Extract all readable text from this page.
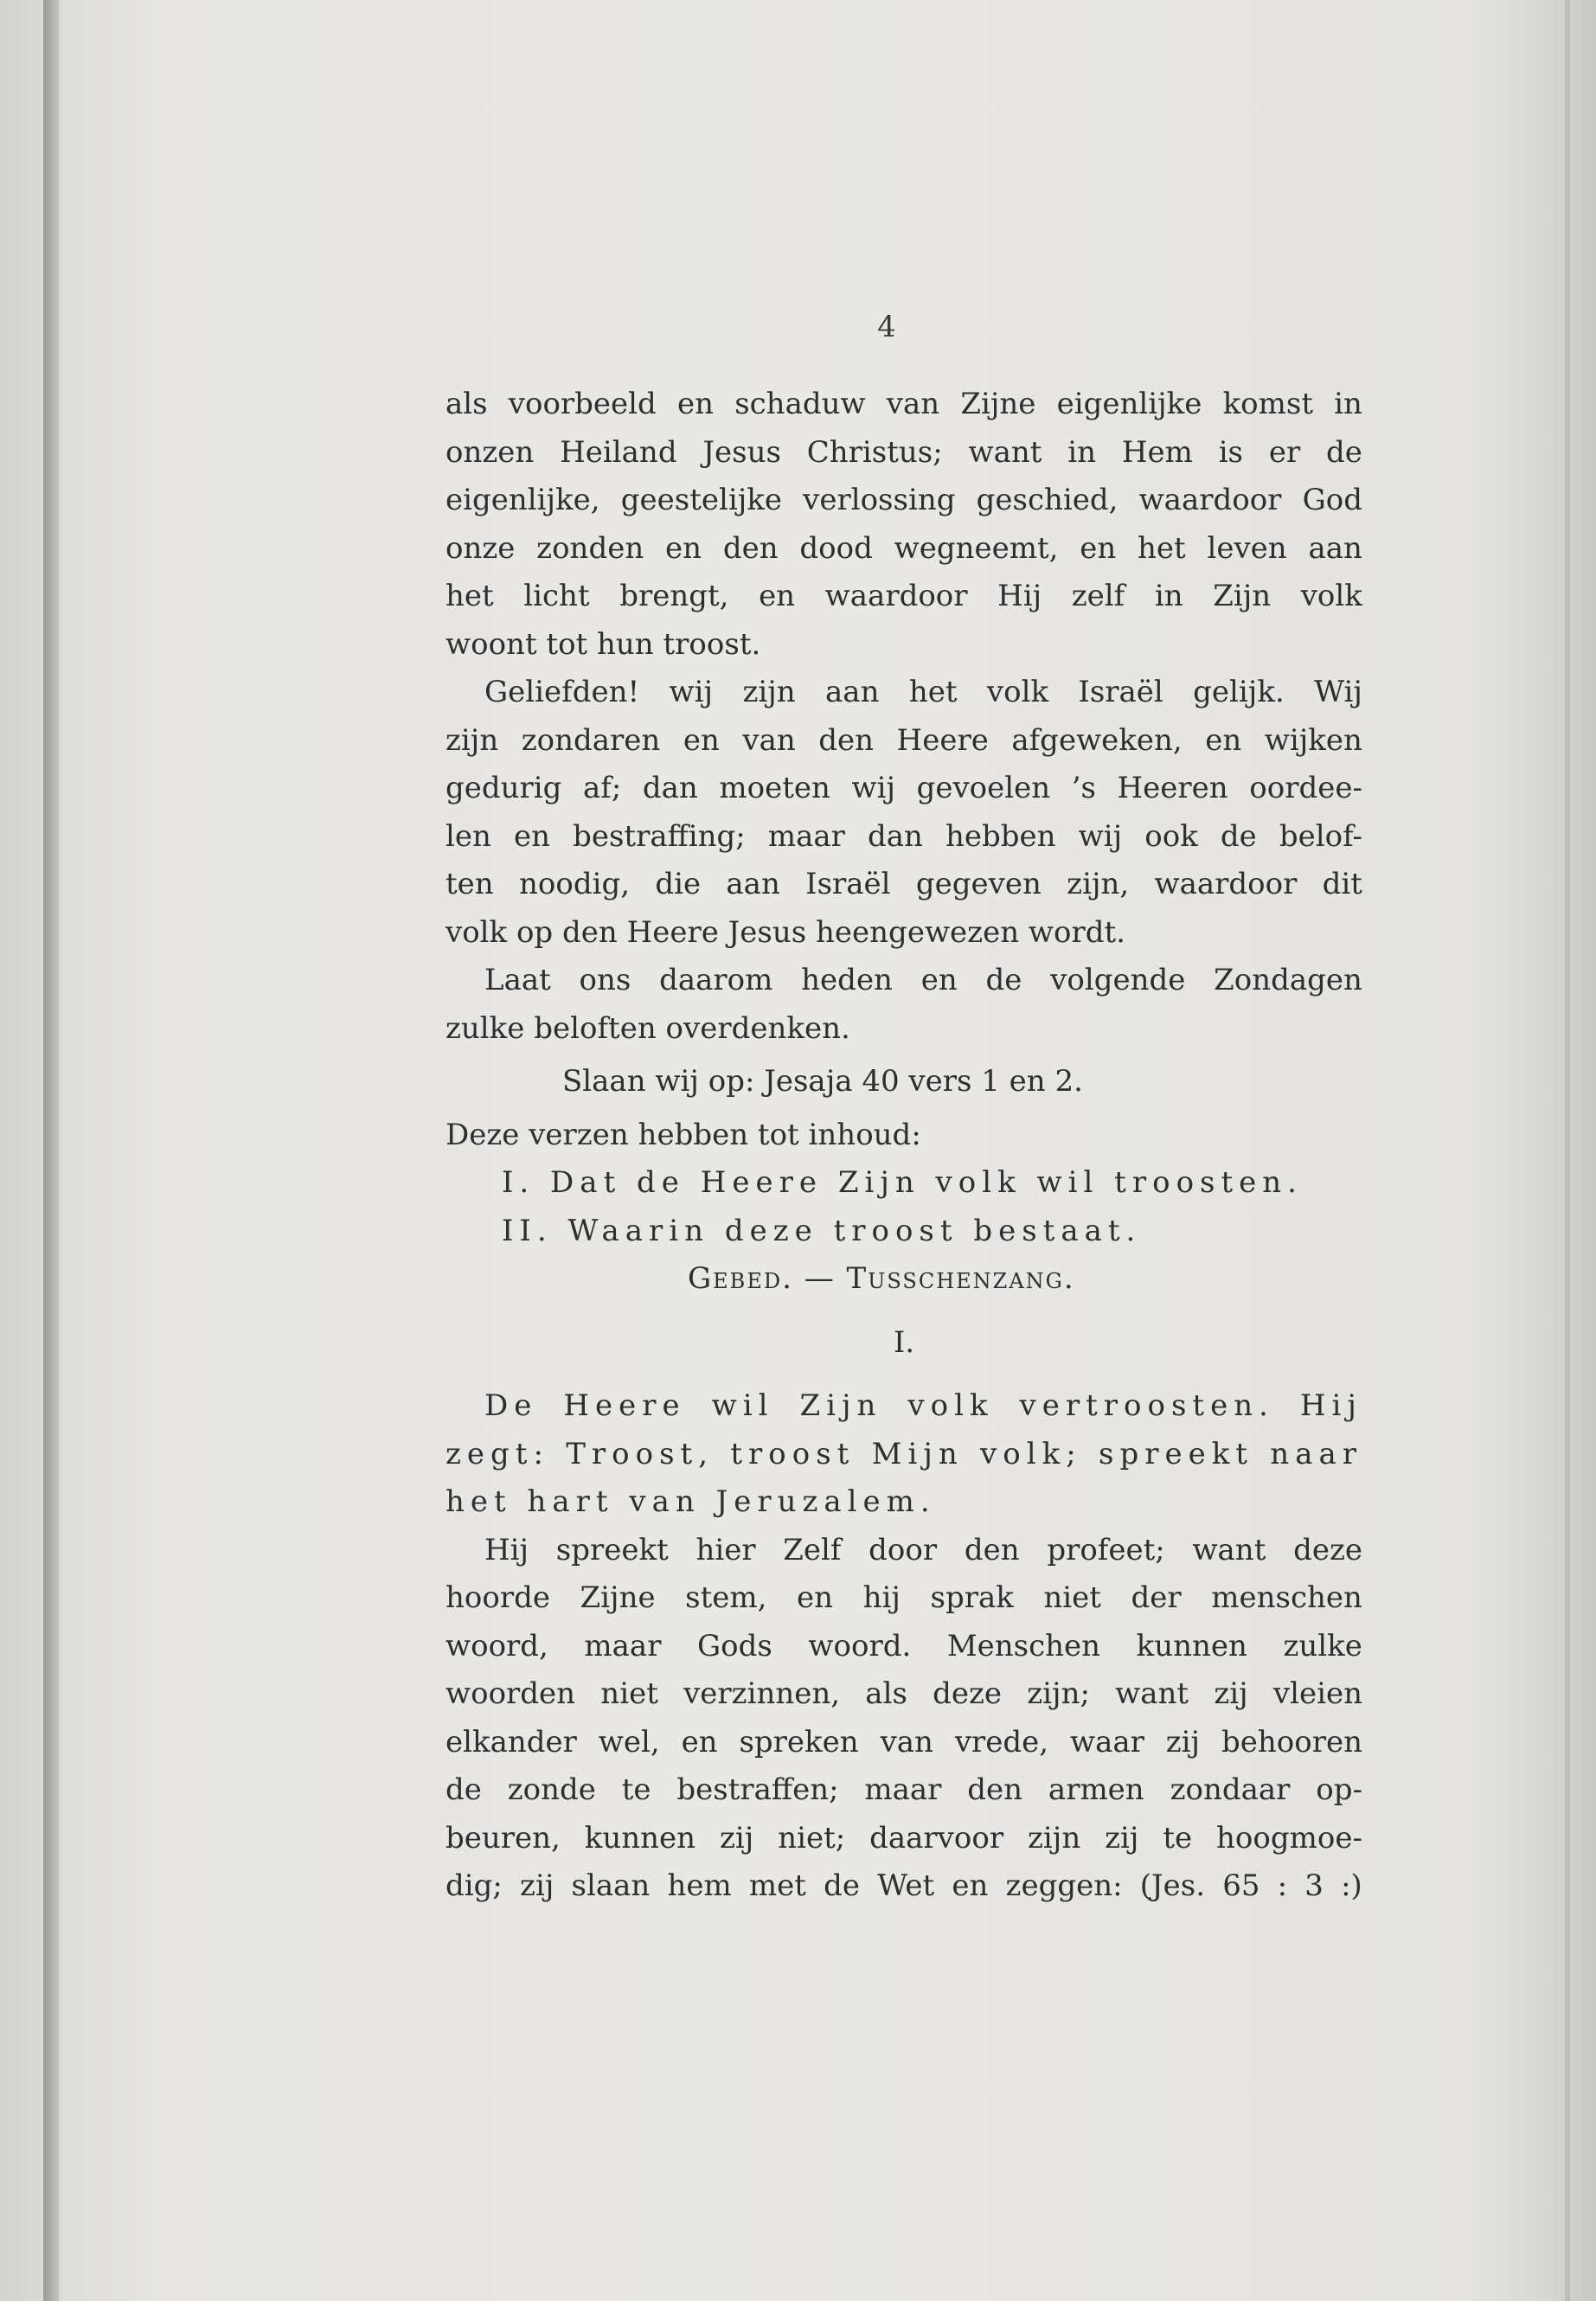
4
als voorbeeld en schaduw van Zijne eigenlijke komst in
onzen Heiland Jesus Christus; want in Hem is er de
eigenlijke, geestelijke verlossing geschied, waardoor God
onze zonden en den dood wegneemt, en het leven aan
het licht brengt, en waardoor Hij zelf in Zijn volk
woont tot hun troost.
Geliefden! wij zijn aan het volk Israël gelijk. Wij
zijn zondaren en van den Heere afgeweken, en wijken
gedurig af; dan moeten wij gevoelen ’s Heeren oordee-
len en bestraffing; maar dan hebben wij ook de belof-
ten noodig, die aan Israël gegeven zijn, waardoor dit
volk op den Heere Jesus heengewezen wordt.
Laat ons daarom heden en de volgende Zondagen
zulke beloften overdenken.
Slaan wij op: Jesaja 40 vers 1 en 2.
Deze verzen hebben tot inhoud:
I. Dat de Heere Zijn volk wil troosten.
II. Waarin deze troost bestaat.
Gebed. — Tusschenzang.
I.
De Heere wil Zijn volk vertroosten. Hij
zegt: Troost, troost Mijn volk; spreekt naar
het hart van Jeruzalem.
Hij spreekt hier Zelf door den profeet; want deze
hoorde Zijne stem, en hij sprak niet der menschen
woord, maar Gods woord. Menschen kunnen zulke
woorden niet verzinnen, als deze zijn; want zij vleien
elkander wel, en spreken van vrede, waar zij behooren
de zonde te bestraffen; maar den armen zondaar op-
beuren, kunnen zij niet; daarvoor zijn zij te hoogmoe-
dig; zij slaan hem met de Wet en zeggen: (Jes. 65 : 3 :)
